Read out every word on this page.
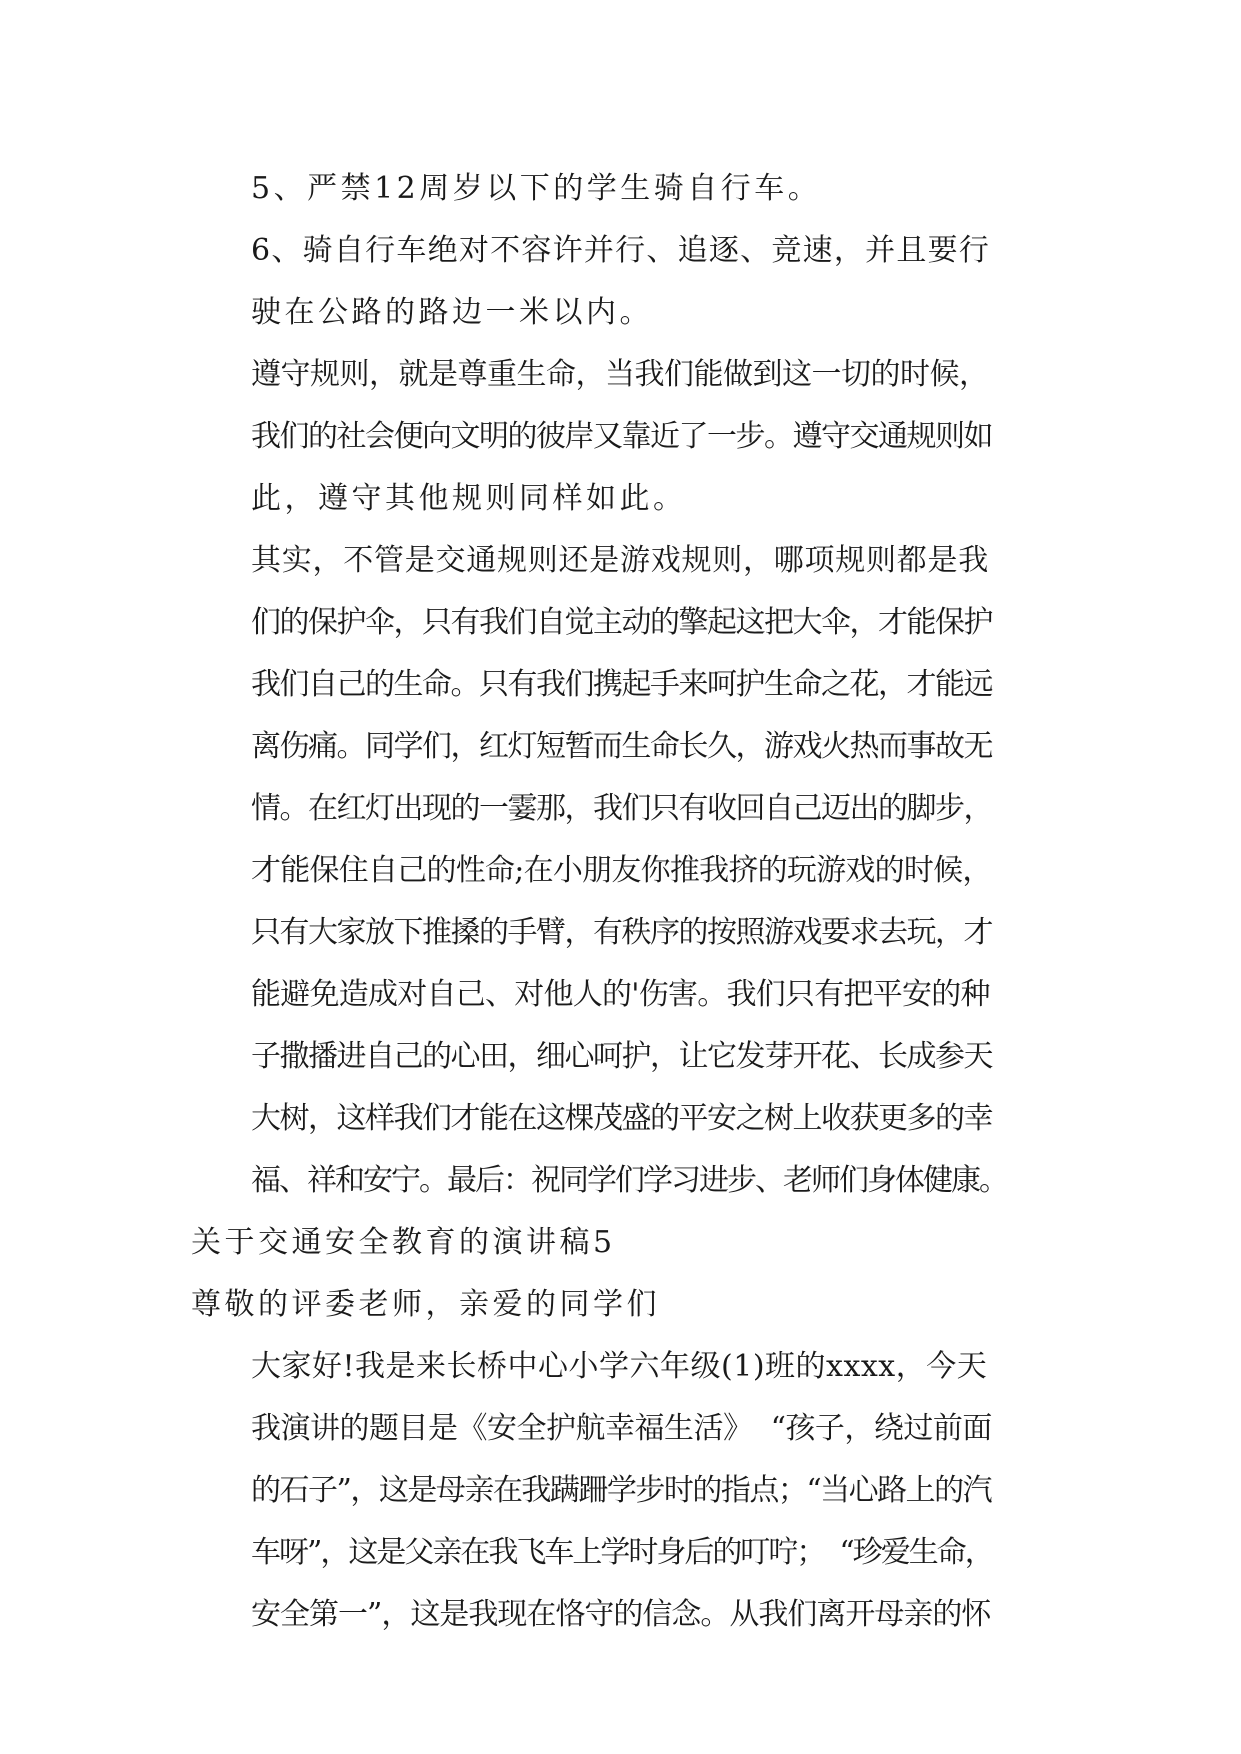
5、严禁12周岁以下的学生骑自行车。
6、骑自行车绝对不容许并行、追逐、竞速，并且要行
驶在公路的路边一米以内。
遵守规则，就是尊重生命，当我们能做到这一切的时候，
我们的社会便向文明的彼岸又靠近了一步。遵守交通规则如
此，遵守其他规则同样如此。
其实，不管是交通规则还是游戏规则，哪项规则都是我
们的保护伞，只有我们自觉主动的擎起这把大伞，才能保护
我们自己的生命。只有我们携起手来呵护生命之花，才能远
离伤痛。同学们，红灯短暂而生命长久，游戏火热而事故无
情。在红灯出现的一霎那，我们只有收回自己迈出的脚步，
才能保住自己的性命;在小朋友你推我挤的玩游戏的时候，
只有大家放下推搡的手臂，有秩序的按照游戏要求去玩，才
能避免造成对自己、对他人的'伤害。我们只有把平安的种
子撒播进自己的心田，细心呵护，让它发芽开花、长成参天
大树，这样我们才能在这棵茂盛的平安之树上收获更多的幸
福、祥和安宁。最后：祝同学们学习进步、老师们身体健康。
关于交通安全教育的演讲稿5
尊敬的评委老师，亲爱的同学们
大家好!我是来长桥中心小学六年级(1)班的xxxx，今天
我演讲的题目是《安全护航幸福生活》  “孩子，绕过前面
的石子”，这是母亲在我蹒跚学步时的指点；“当心路上的汽
车呀”，这是父亲在我飞车上学时身后的叮咛；  “珍爱生命，
安全第一”，这是我现在恪守的信念。从我们离开母亲的怀
